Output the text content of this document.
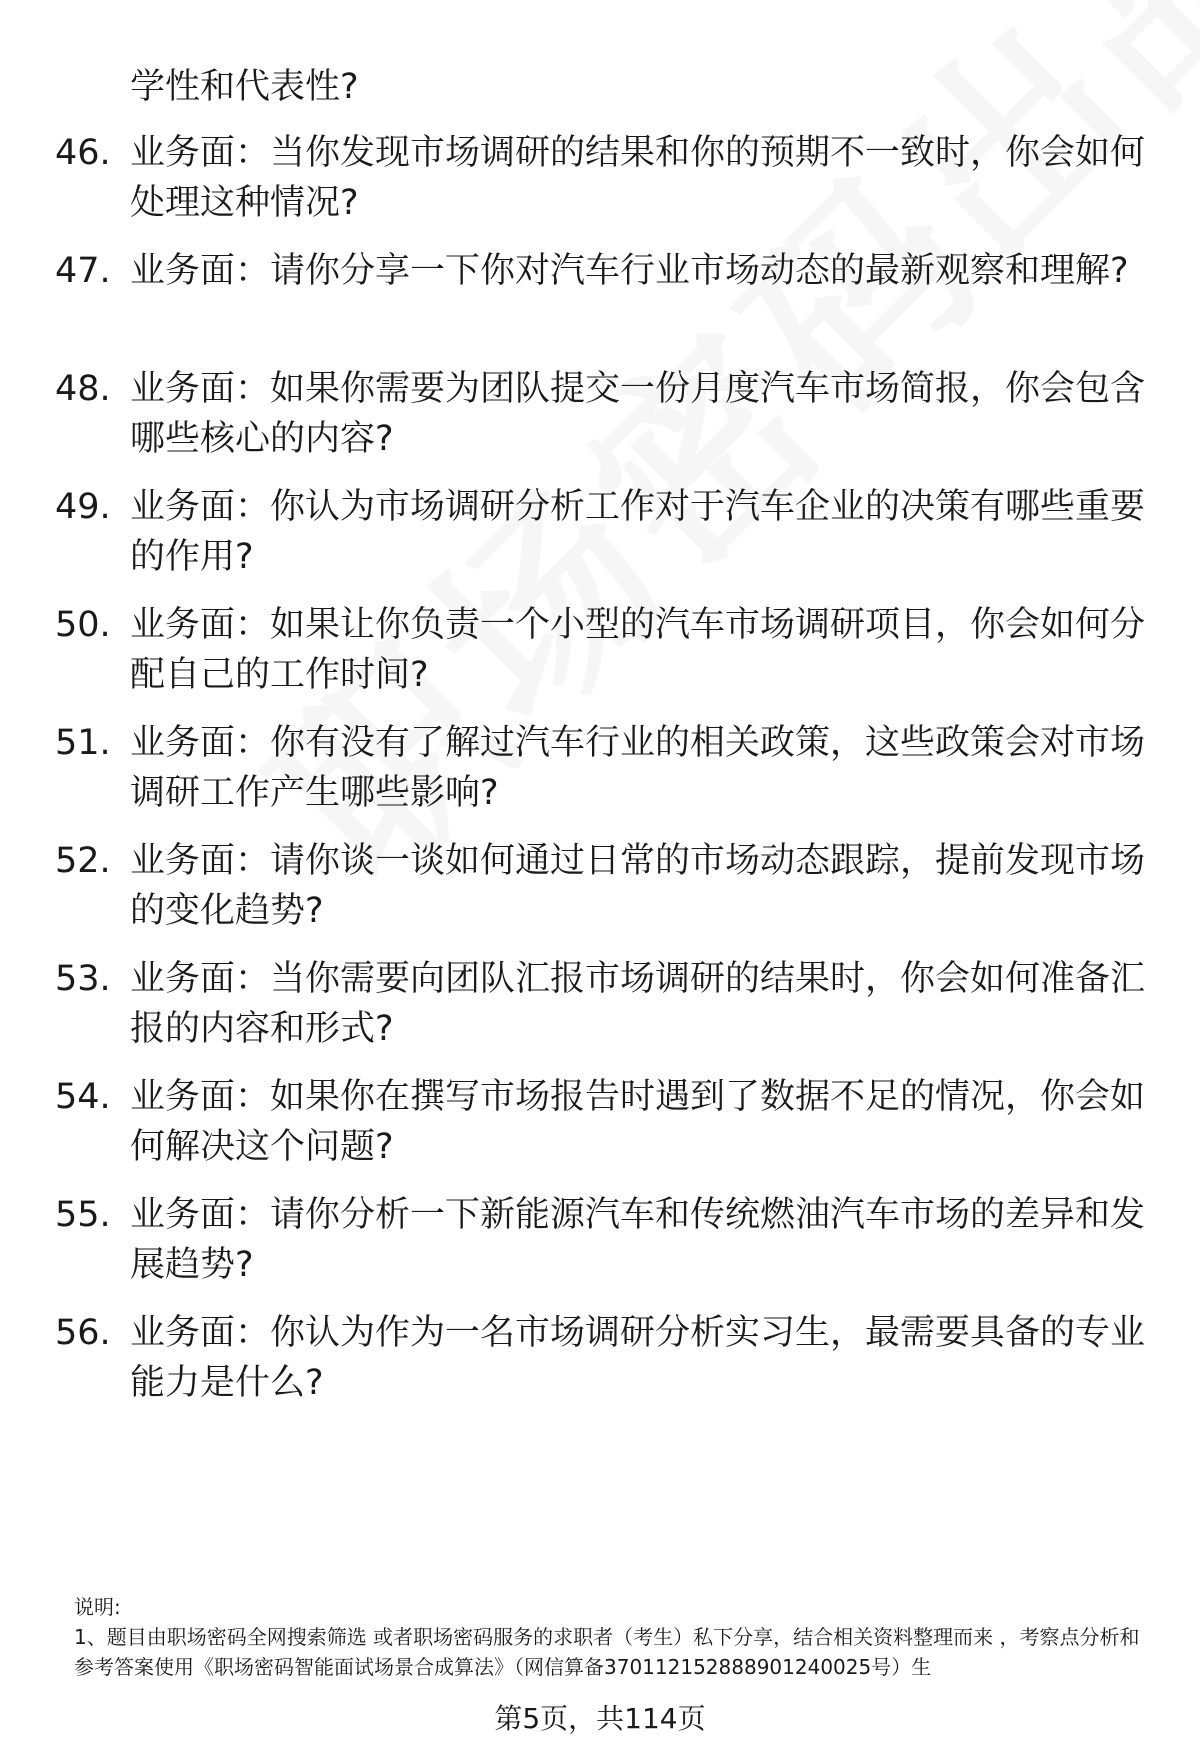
学性和代表性?
46. 业务面：当你发现市场调研的结果和你的预期不一致时，你会如何处理这种情况?
47. 业务面：请你分享一下你对汽车行业市场动态的最新观察和理解?
48. 业务面：如果你需要为团队提交一份月度汽车市场简报，你会包含哪些核心的内容?
49. 业务面：你认为市场调研分析工作对于汽车企业的决策有哪些重要的作用?
50. 业务面：如果让你负责一个小型的汽车市场调研项目，你会如何分配自己的工作时间?
51. 业务面：你有没有了解过汽车行业的相关政策，这些政策会对市场调研工作产生哪些影响?
52. 业务面：请你谈一谈如何通过日常的市场动态跟踪，提前发现市场的变化趋势?
53. 业务面：当你需要向团队汇报市场调研的结果时，你会如何准备汇报的内容和形式?
54. 业务面：如果你在撰写市场报告时遇到了数据不足的情况，你会如何解决这个问题?
55. 业务面：请你分析一下新能源汽车和传统燃油汽车市场的差异和发展趋势?
56. 业务面：你认为作为一名市场调研分析实习生，最需要具备的专业能力是什么?
说明:
1、题目由职场密码全网搜索筛选 或者职场密码服务的求职者（考生）私下分享，结合相关资料整理而来 ，考察点分析和参考答案使用《职场密码智能面试场景合成算法》（网信算备370112152888901240025号）生
第5页，共114页
